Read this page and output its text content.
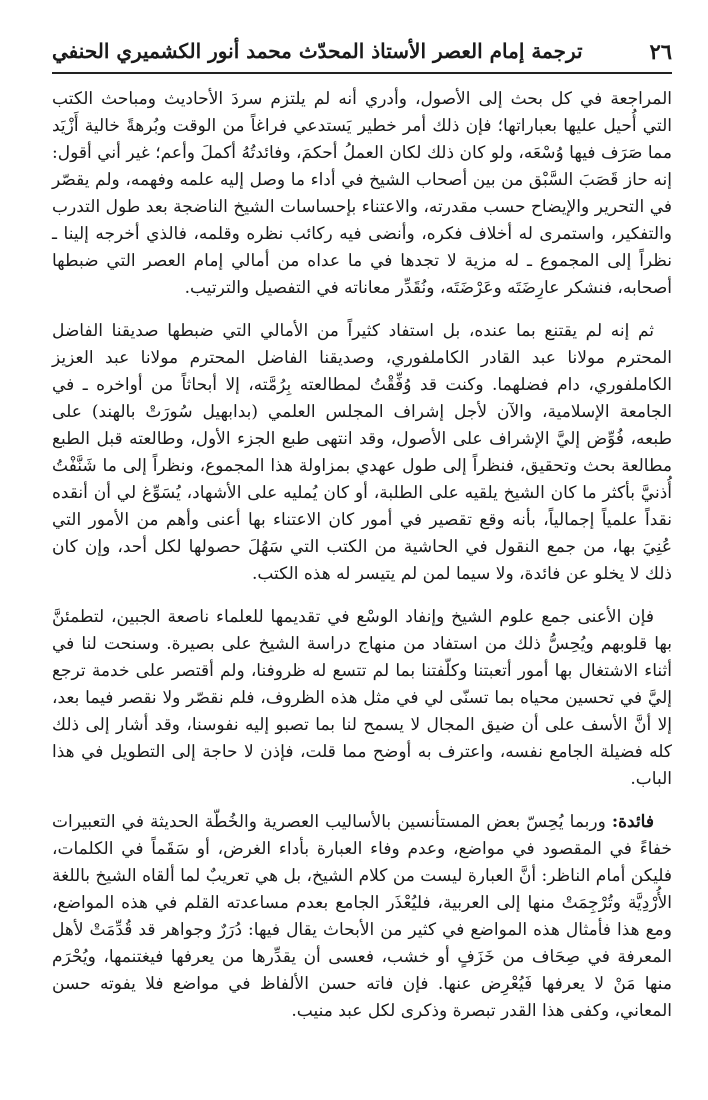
ترجمة إمام العصر الأستاذ المحدّث محمد أنور الكشميري الحنفي	٢٦

المراجعة في كل بحث إلى الأصول، وأدري أنه لم يلتزم سردَ الأحاديث ومباحث الكتب التي أُحيل عليها بعباراتها؛ فإن ذلك أمر خطير يَستدعي فراغاً من الوقت وبُرهةً خالية أَزْيَد مما صَرَف فيها وُسْعَه، ولو كان ذلك لكان العملُ أحكمَ، وفائدتُهُ أكملَ وأعم؛ غير أني أقول: إنه حاز قَصَبَ السَّبْق من بين أصحاب الشيخ في أداء ما وصل إليه علمه وفهمه، ولم يقصّر في التحرير والإيضاح حسب مقدرته، والاعتناء بإحساسات الشيخ الناضجة بعد طول التدرب والتفكير، واستمرى له أخلاف فكره، وأنضى فيه ركائب نظره وقلمه، فالذي أخرجه إلينا ـ نظراً إلى المجموع ـ له مزية لا تجدها في ما عداه من أمالي إمام العصر التي ضبطها أصحابه، فنشكر عارِضَتَه وعَرْضَتَه، ونُقَدِّر معاناته في التفصيل والترتيب.

ثم إنه لم يقتنع بما عنده، بل استفاد كثيراً من الأمالي التي ضبطها صديقنا الفاضل المحترم مولانا عبد القادر الكاملفوري، وصديقنا الفاضل المحترم مولانا عبد العزيز الكاملفوري، دام فضلهما. وكنت قد وُفِّقْتُ لمطالعته بِرُمَّته، إلا أبحاثاً من أواخره ـ في الجامعة الإسلامية، والآن لأجل إشراف المجلس العلمي (بدابهيل سُورَتْ بالهند) على طبعه، فُوِّض إليَّ الإشراف على الأصول، وقد انتهى طبع الجزء الأول، وطالعته قبل الطبع مطالعة بحث وتحقيق، فنظراً إلى طول عهدي بمزاولة هذا المجموع، ونظراً إلى ما شَنَّفْتُ أُذنيَّ بأكثر ما كان الشيخ يلقيه على الطلبة، أو كان يُمليه على الأشهاد، يُسَوِّغ لي أن أنقده نقداً علمياً إجمالياً، بأنه وقع تقصير في أمور كان الاعتناء بها أعنى وأهم من الأمور التي عُنِيَ بها، من جمع النقول في الحاشية من الكتب التي سَهُلَ حصولها لكل أحد، وإن كان ذلك لا يخلو عن فائدة، ولا سيما لمن لم يتيسر له هذه الكتب.

فإن الأعنى جمع علوم الشيخ وإنفاد الوسْع في تقديمها للعلماء ناصعة الجبين، لتطمئنَّ بها قلوبهم ويُحِسُّ ذلك من استفاد من منهاج دراسة الشيخ على بصيرة. وسنحت لنا في أثناء الاشتغال بها أمور أتعبتنا وكلّفتنا بما لم تتسع له ظروفنا، ولم أقتصر على خدمة ترجع إليَّ في تحسين محياه بما تسنّى لي في مثل هذه الظروف، فلم نقصّر ولا نقصر فيما بعد، إلا أنَّ الأسف على أن ضيق المجال لا يسمح لنا بما تصبو إليه نفوسنا، وقد أشار إلى ذلك كله فضيلة الجامع نفسه، واعترف به أوضح مما قلت، فإذن لا حاجة إلى التطويل في هذا الباب.

فائدة: وربما يُحِسّ بعض المستأنسين بالأساليب العصرية والخُطّة الحديثة في التعبيرات خفاءً في المقصود في مواضع، وعدم وفاء العبارة بأداء الغرض، أو سَقَماً في الكلمات، فليكن أمام الناظر: أنَّ العبارة ليست من كلام الشيخ، بل هي تعريبٌ لما ألقاه الشيخ باللغة الأُرْدِيَّة وتُرْجِمَتْ منها إلى العربية، فليُعْذَر الجامع بعدم مساعدته القلم في هذه المواضع، ومع هذا فأمثال هذه المواضع في كثير من الأبحاث يقال فيها: دُرَرٌ وجواهر قد قُدِّمَتْ لأهل المعرفة في صِحَاف من خَزَفٍ أو خشب، فعسى أن يقدِّرها من يعرفها فيغتنمها، ويُحْرَم منها مَنْ لا يعرفها فَيُعْرِض عنها. فإن فاته حسن الألفاظ في مواضع فلا يفوته حسن المعاني، وكفى هذا القدر تبصرة وذكرى لكل عبد منيب.
